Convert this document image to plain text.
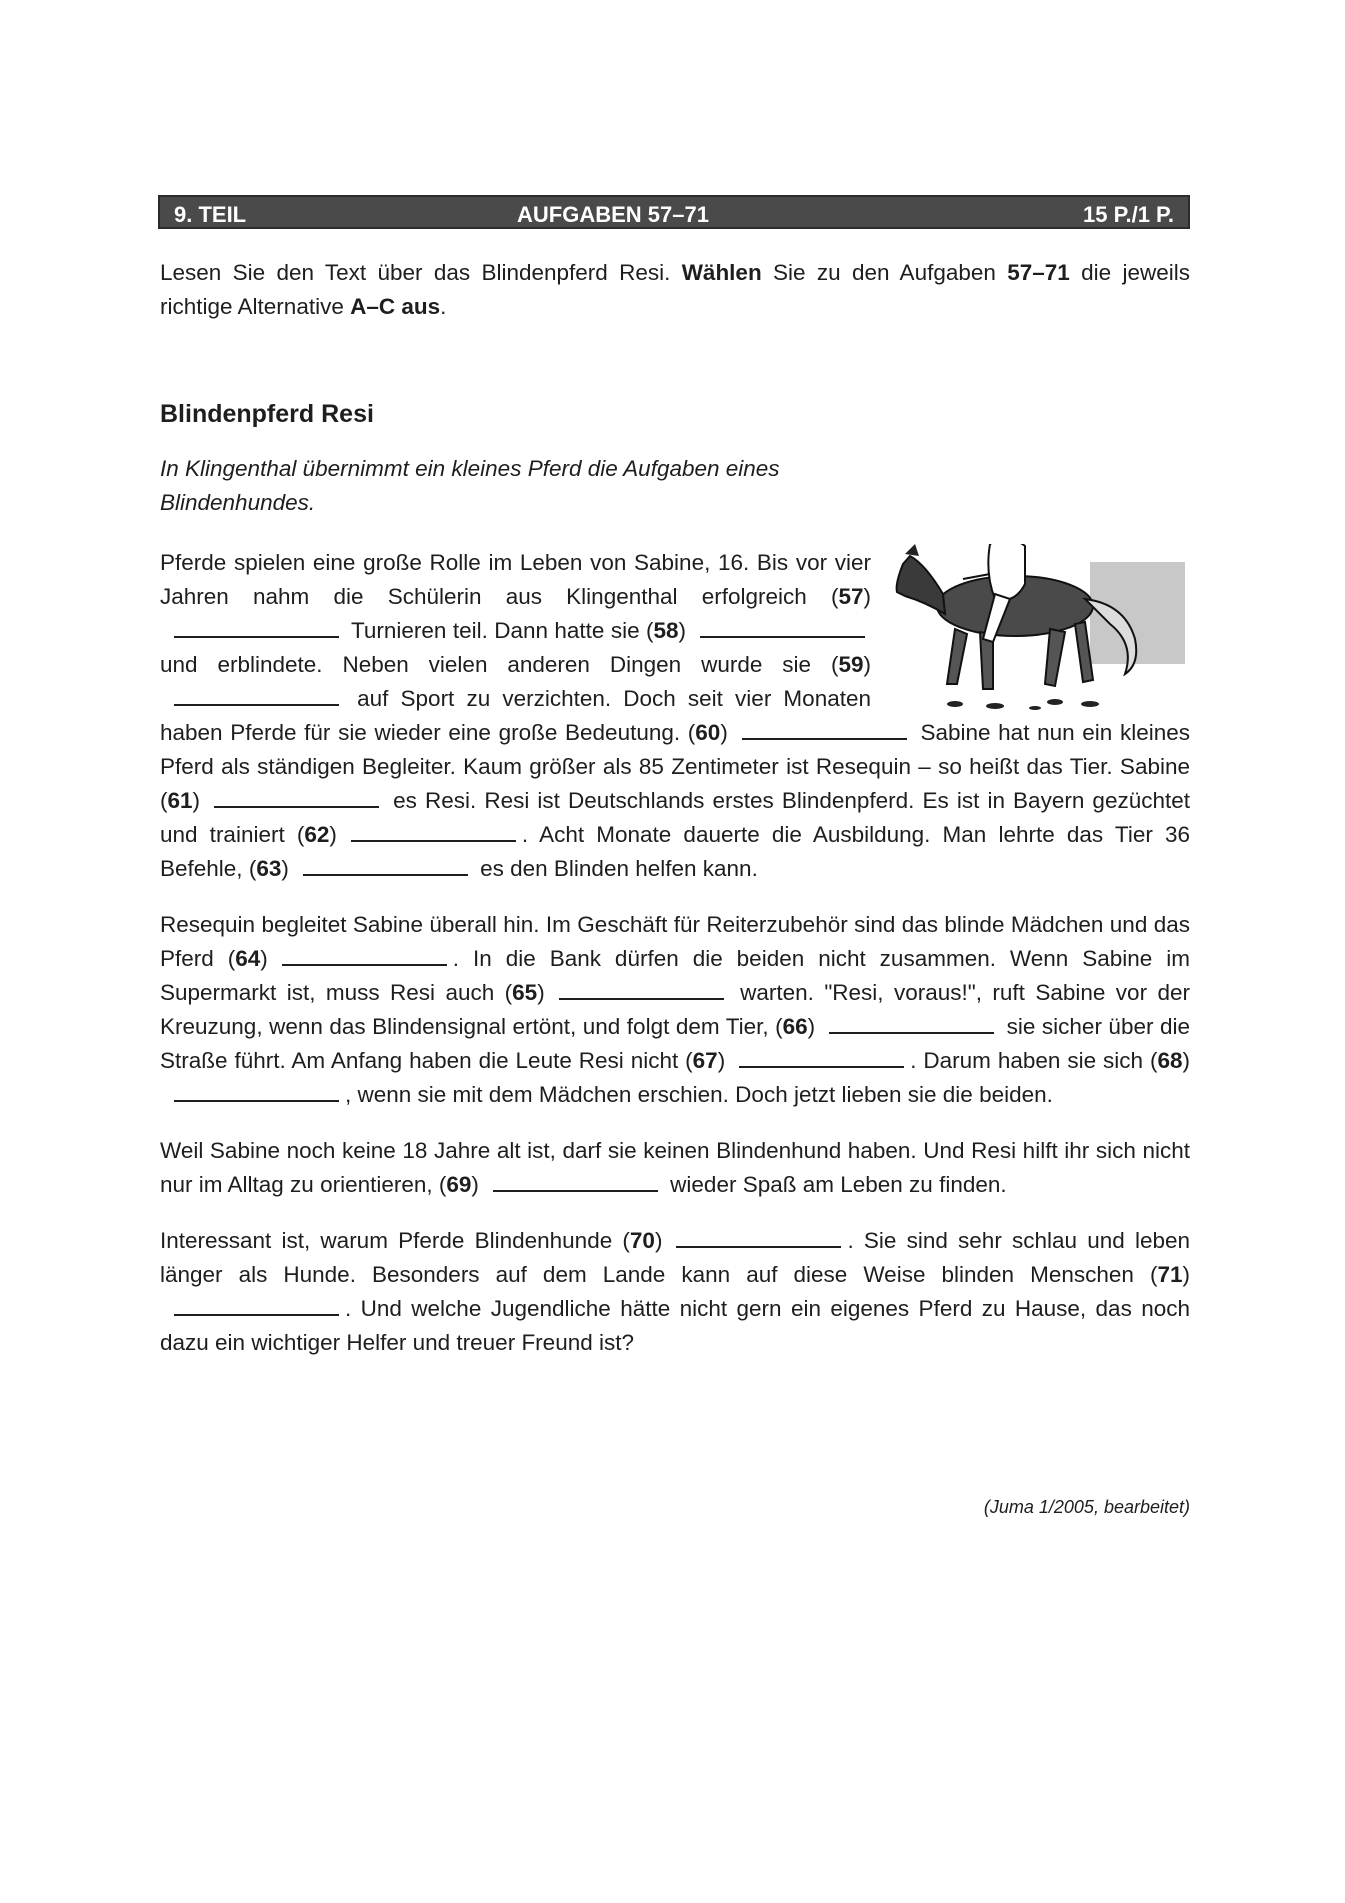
9. TEIL	AUFGABEN 57–71	15 P./1 P.
Lesen Sie den Text über das Blindenpferd Resi. Wählen Sie zu den Aufgaben 57–71 die jeweils richtige Alternative A–C aus.
Blindenpferd Resi
In Klingenthal übernimmt ein kleines Pferd die Aufgaben eines Blindenhundes.

Pferde spielen eine große Rolle im Leben von Sabine, 16. Bis vor vier Jahren nahm die Schülerin aus Klingenthal erfolgreich (57) Turnieren teil. Dann hatte sie (58) und erblindete. Neben vielen anderen Dingen wurde sie (59) auf Sport zu verzichten. Doch seit vier Monaten haben Pferde für sie wieder eine große Bedeutung. (60)	Sabine hat nun ein kleines Pferd als ständigen Begleiter. Kaum größer als 85 Zentimeter ist Resequin – so heißt das Tier. Sabine (61)	es Resi. Resi ist Deutschlands erstes Blindenpferd. Es ist in Bayern gezüchtet und trainiert (62)	. Acht Monate dauerte die Ausbildung. Man lehrte das Tier 36 Befehle, (63)	es den Blinden helfen kann.

Resequin begleitet Sabine überall hin. Im Geschäft für Reiterzubehör sind das blinde Mädchen und das Pferd (64)	. In die Bank dürfen die beiden nicht zusammen. Wenn Sabine im Supermarkt ist, muss Resi auch (65)	warten. "Resi, voraus!", ruft Sabine vor der Kreuzung, wenn das Blindensignal ertönt, und folgt dem Tier, (66)	sie sicher über die Straße führt. Am Anfang haben die Leute Resi nicht (67)	. Darum haben sie sich (68), wenn sie mit dem Mädchen erschien. Doch jetzt lieben sie die beiden.

Weil Sabine noch keine 18 Jahre alt ist, darf sie keinen Blindenhund haben. Und Resi hilft ihr sich nicht nur im Alltag zu orientieren, (69)	wieder Spaß am Leben zu finden.

Interessant ist, warum Pferde Blindenhunde (70)	. Sie sind sehr schlau und leben länger als Hunde. Besonders auf dem Lande kann auf diese Weise blinden Menschen (71). Und welche Jugendliche hätte nicht gern ein eigenes Pferd zu Hause, das noch dazu ein wichtiger Helfer und treuer Freund ist?

(Juma 1/2005, bearbeitet)
